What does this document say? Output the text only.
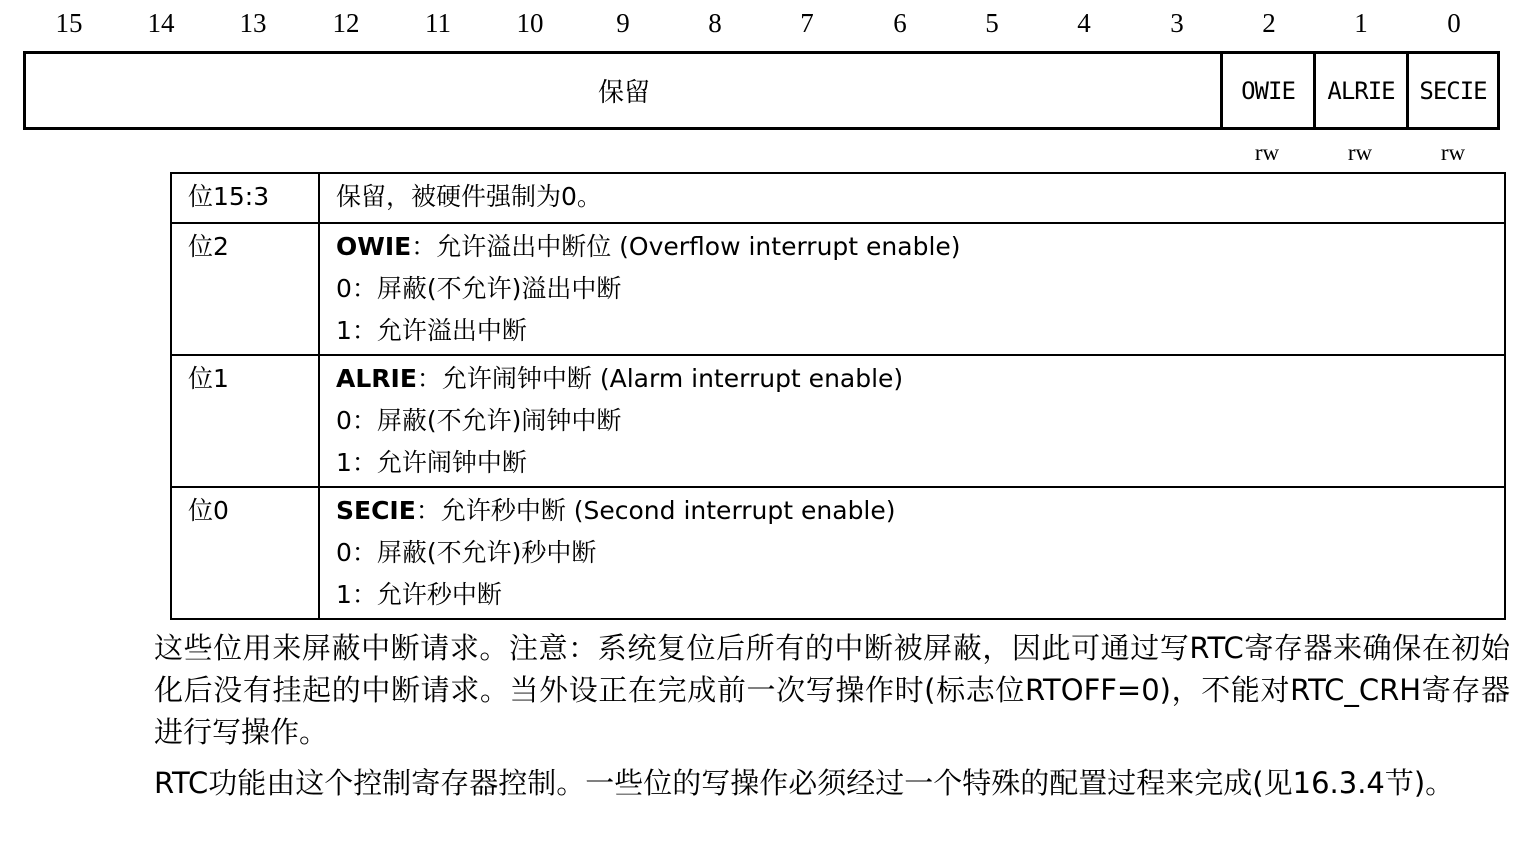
15 14 13 12 11 10	9	8	7	6	5	4	3	2	1	0
保留	OWIE ALRIE SECIE
rw	rw	rw
位15:3	保留，被硬件强制为0。

位2	OWIE：允许溢出中断位 (Overflow interrupt enable)
0：屏蔽(不允许)溢出中断
1：允许溢出中断

位1	ALRIE：允许闹钟中断 (Alarm interrupt enable)
0：屏蔽(不允许)闹钟中断
1：允许闹钟中断

位0	SECIE：允许秒中断 (Second interrupt enable)
0：屏蔽(不允许)秒中断
1：允许秒中断
这些位用来屏蔽中断请求。注意：系统复位后所有的中断被屏蔽，因此可通过写RTC寄存器来确保在初始化后没有挂起的中断请求。当外设正在完成前一次写操作时(标志位RTOFF=0)，不能对RTC_CRH寄存器进行写操作。
RTC功能由这个控制寄存器控制。一些位的写操作必须经过一个特殊的配置过程来完成(见16.3.4节)。
